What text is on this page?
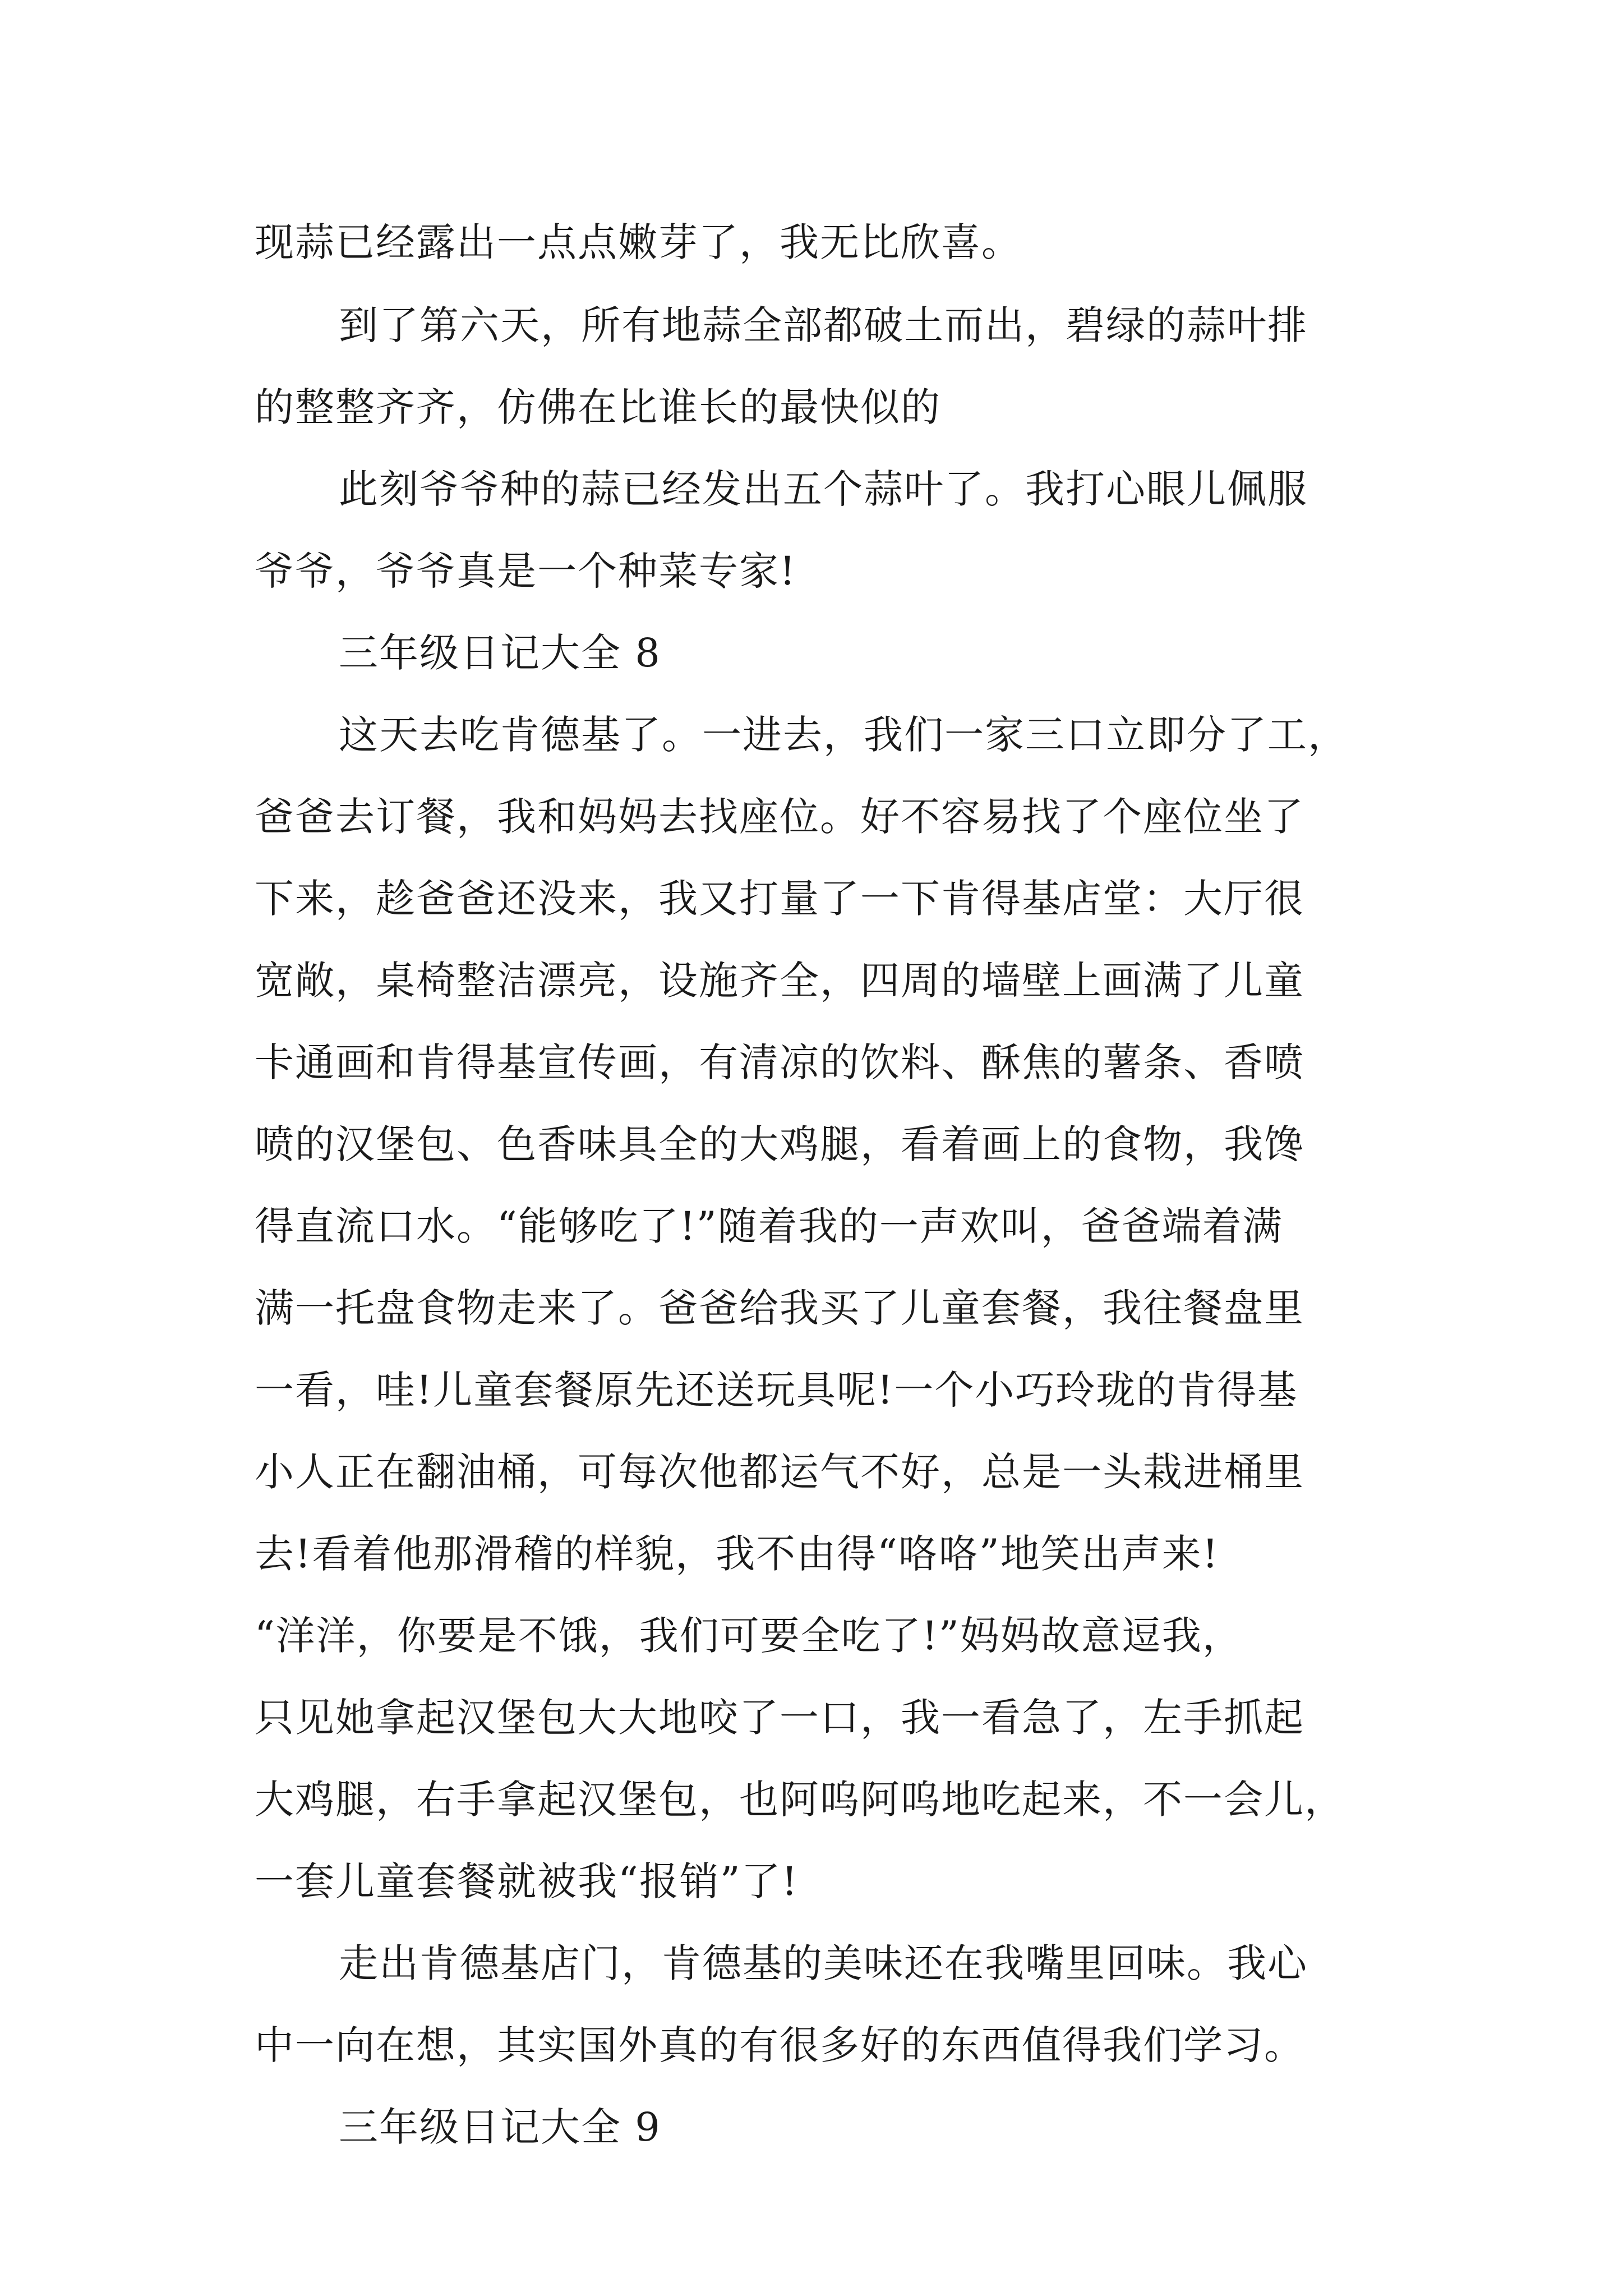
现蒜已经露出一点点嫩芽了，我无比欣喜。
到了第六天，所有地蒜全部都破土而出，碧绿的蒜叶排
的整整齐齐，仿佛在比谁长的最快似的
此刻爷爷种的蒜已经发出五个蒜叶了。我打心眼儿佩服
爷爷，爷爷真是一个种菜专家!
三年级日记大全 8
这天去吃肯德基了。一进去，我们一家三口立即分了工，
爸爸去订餐，我和妈妈去找座位。好不容易找了个座位坐了
下来，趁爸爸还没来，我又打量了一下肯得基店堂：大厅很
宽敞，桌椅整洁漂亮，设施齐全，四周的墙壁上画满了儿童
卡通画和肯得基宣传画，有清凉的饮料、酥焦的薯条、香喷
喷的汉堡包、色香味具全的大鸡腿，看着画上的食物，我馋
得直流口水。“能够吃了!”随着我的一声欢叫，爸爸端着满
满一托盘食物走来了。爸爸给我买了儿童套餐，我往餐盘里
一看，哇!儿童套餐原先还送玩具呢!一个小巧玲珑的肯得基
小人正在翻油桶，可每次他都运气不好，总是一头栽进桶里
去!看着他那滑稽的样貌，我不由得“咯咯”地笑出声来!
“洋洋，你要是不饿，我们可要全吃了!”妈妈故意逗我，
只见她拿起汉堡包大大地咬了一口，我一看急了，左手抓起
大鸡腿，右手拿起汉堡包，也阿呜阿呜地吃起来，不一会儿，
一套儿童套餐就被我“报销”了!
走出肯德基店门，肯德基的美味还在我嘴里回味。我心
中一向在想，其实国外真的有很多好的东西值得我们学习。
三年级日记大全 9
